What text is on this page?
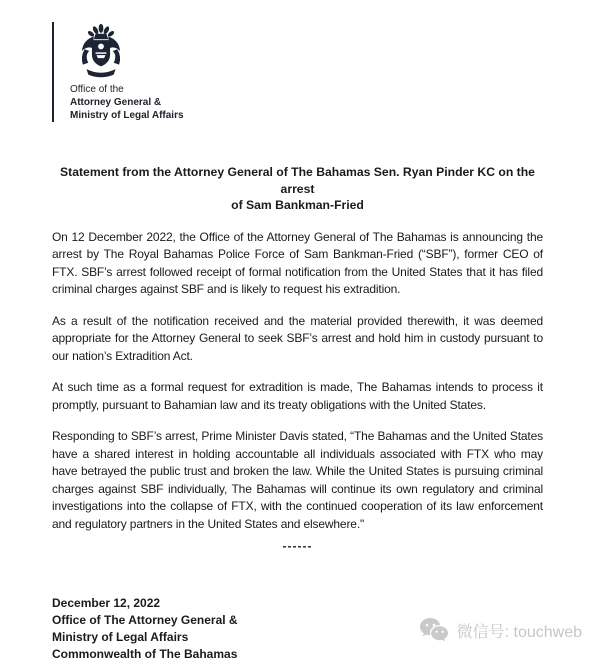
Office of the
Attorney General &
Ministry of Legal Affairs
Statement from the Attorney General of The Bahamas Sen. Ryan Pinder KC on the arrest
of Sam Bankman-Fried

On 12 December 2022, the Office of the Attorney General of The Bahamas is announcing the arrest by The Royal Bahamas Police Force of Sam Bankman-Fried (“SBF”), former CEO of FTX. SBF’s arrest followed receipt of formal notification from the United States that it has filed criminal charges against SBF and is likely to request his extradition.

As a result of the notification received and the material provided therewith, it was deemed appropriate for the Attorney General to seek SBF’s arrest and hold him in custody pursuant to our nation’s Extradition Act.

At such time as a formal request for extradition is made, The Bahamas intends to process it promptly, pursuant to Bahamian law and its treaty obligations with the United States.

Responding to SBF’s arrest, Prime Minister Davis stated, “The Bahamas and the United States have a shared interest in holding accountable all individuals associated with FTX who may have betrayed the public trust and broken the law. While the United States is pursuing criminal charges against SBF individually, The Bahamas will continue its own regulatory and criminal investigations into the collapse of FTX, with the continued cooperation of its law enforcement and regulatory partners in the United States and elsewhere."

------
December 12, 2022
Office of The Attorney General &
Ministry of Legal Affairs
Commonwealth of The Bahamas
微信号: touchweb
